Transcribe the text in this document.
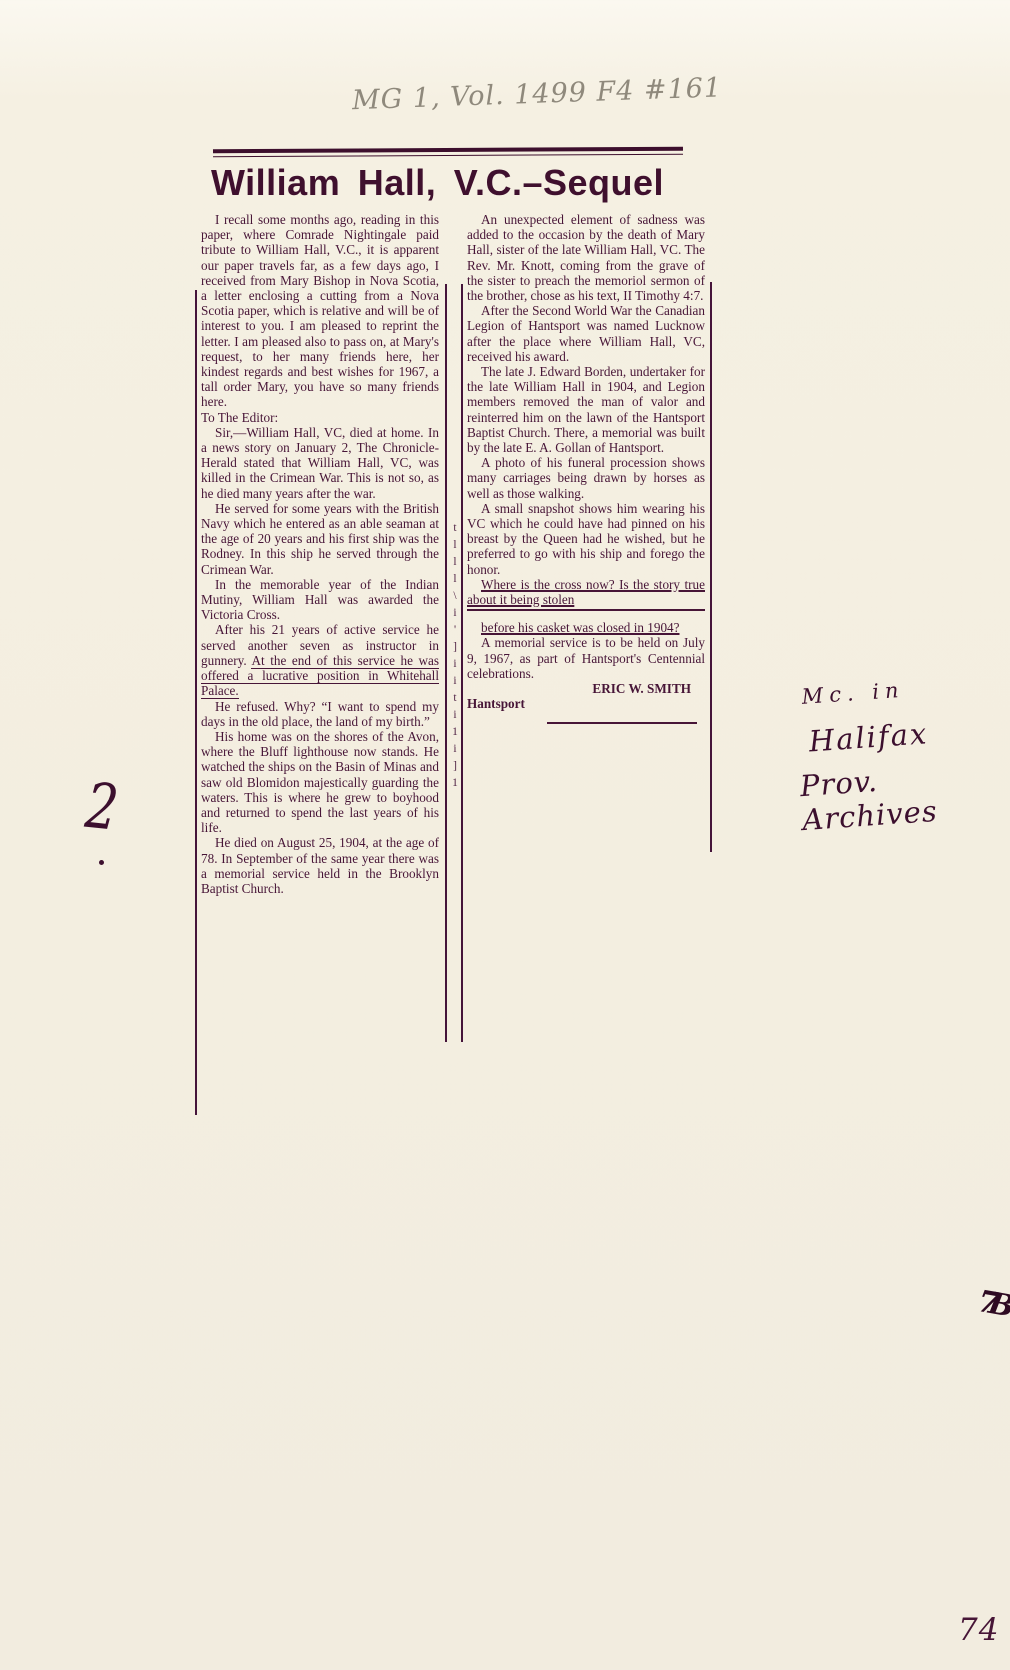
MG 1, Vol. 1499 F4 #161
William Hall, V.C.–Sequel
t
l
l
l
\
i
'
]
i
i
t
i
1
i
]
1

I recall some months ago, reading in this paper, where Comrade Nightingale paid tribute to William Hall, V.C., it is apparent our paper travels far, as a few days ago, I received from Mary Bishop in Nova Scotia, a letter enclosing a cutting from a Nova Scotia paper, which is relative and will be of interest to you. I am pleased to reprint the letter. I am pleased also to pass on, at Mary's request, to her many friends here, her kindest regards and best wishes for 1967, a tall order Mary, you have so many friends here.

To The Editor:

Sir,—William Hall, VC, died at home. In a news story on January 2, The Chronicle-Herald stated that William Hall, VC, was killed in the Crimean War. This is not so, as he died many years after the war.

He served for some years with the British Navy which he entered as an able seaman at the age of 20 years and his first ship was the Rodney. In this ship he served through the Crimean War.

In the memorable year of the Indian Mutiny, William Hall was awarded the Victoria Cross.

After his 21 years of active service he served another seven as instructor in gunnery. At the end of this service he was offered a lucrative position in Whitehall Palace.

He refused. Why? “I want to spend my days in the old place, the land of my birth.”

His home was on the shores of the Avon, where the Bluff lighthouse now stands. He watched the ships on the Basin of Minas and saw old Blomidon majestically guarding the waters. This is where he grew to boyhood and returned to spend the last years of his life.

He died on August 25, 1904, at the age of 78. In September of the same year there was a memorial service held in the Brooklyn Baptist Church.

An unexpected element of sadness was added to the occasion by the death of Mary Hall, sister of the late William Hall, VC. The Rev. Mr. Knott, coming from the grave of the sister to preach the memoriol sermon of the brother, chose as his text, II Timothy 4:7.

After the Second World War the Canadian Legion of Hantsport was named Lucknow after the place where William Hall, VC, received his award.

The late J. Edward Borden, undertaker for the late William Hall in 1904, and Legion members removed the man of valor and reinterred him on the lawn of the Hantsport Baptist Church. There, a memorial was built by the late E. A. Gollan of Hantsport.

A photo of his funeral procession shows many carriages being drawn by horses as well as those walking.

A small snapshot shows him wearing his VC which he could have had pinned on his breast by the Queen had he wished, but he preferred to go with his ship and forego the honor.

Where is the cross now? Is the story true about it being stolen

before his casket was closed in 1904?

A memorial service is to be held on July 9, 1967, as part of Hantsport's Centennial celebrations.

ERIC W. SMITH

Hantsport

2
Mc. in
Halifax
Prov. Archives
7B
74
